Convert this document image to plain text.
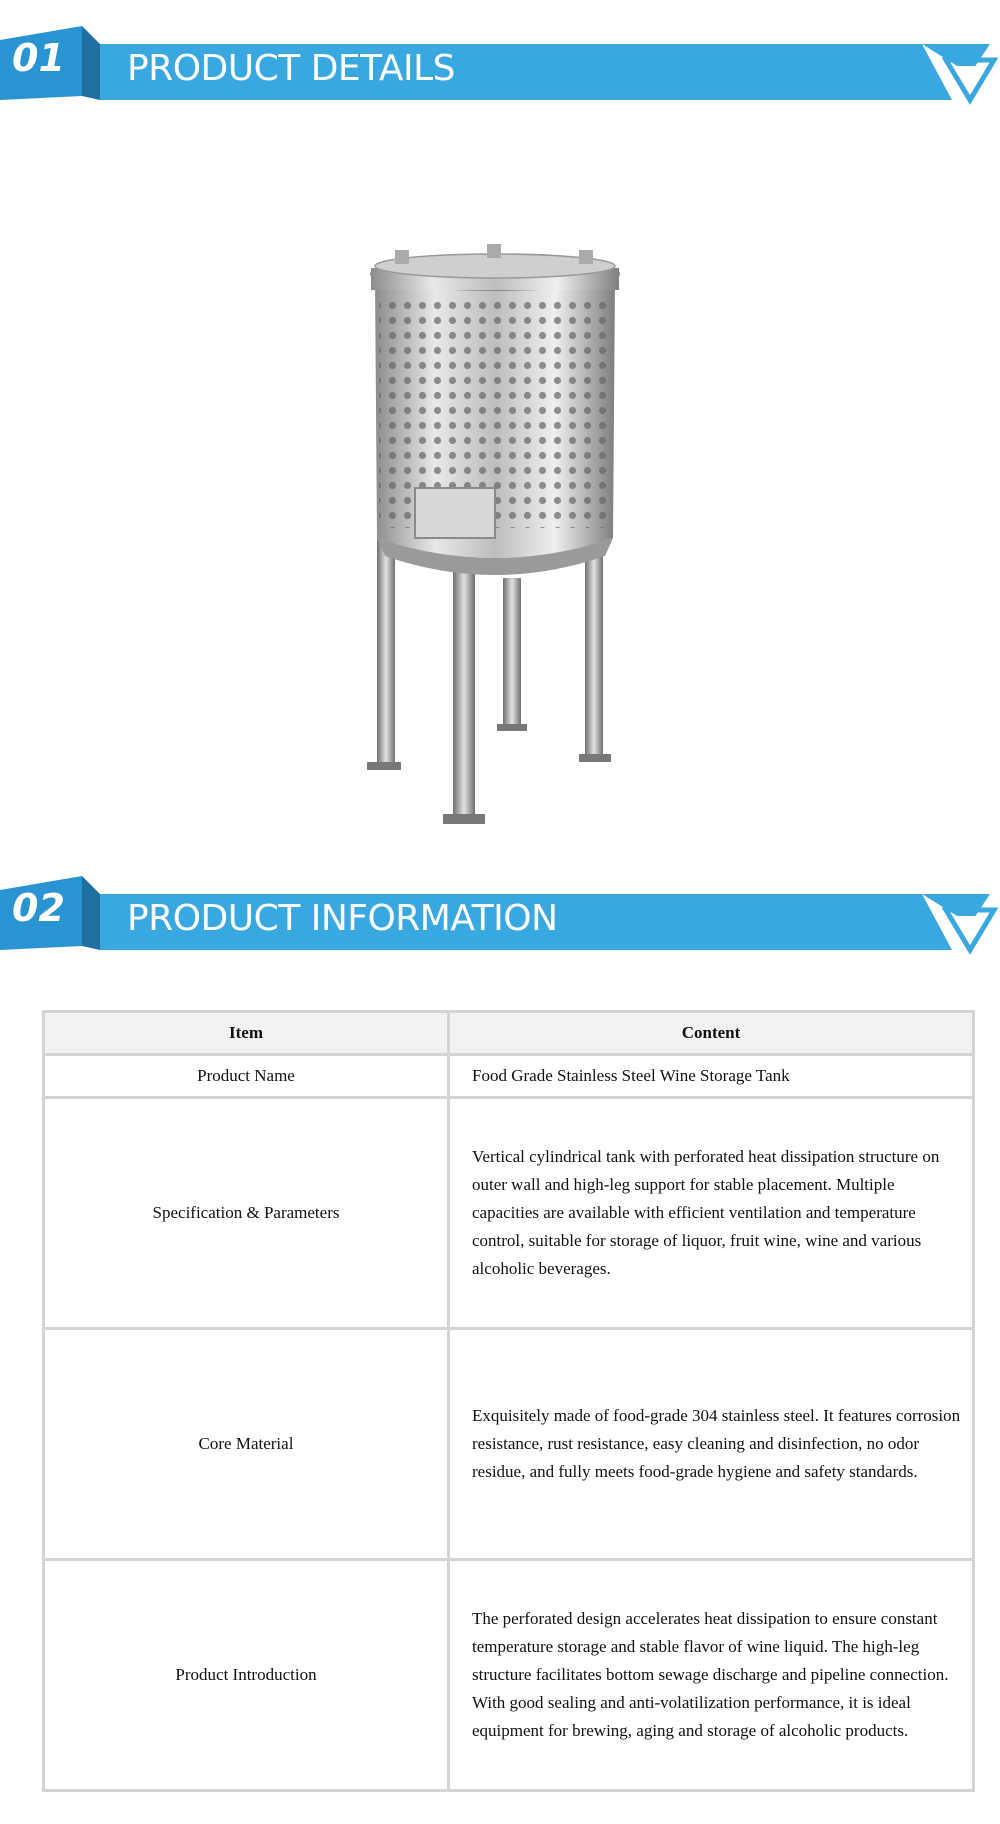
01	PRODUCT DETAILS
02	PRODUCT INFORMATION
Item	Content
Product Name	Food Grade Stainless Steel Wine Storage Tank
Specification & Parameters	Vertical cylindrical tank with perforated heat dissipation structure on outer wall and high-leg support for stable placement. Multiple capacities are available with efficient ventilation and temperature control, suitable for storage of liquor, fruit wine, wine and various alcoholic beverages.
Core Material	Exquisitely made of food-grade 304 stainless steel. It features corrosion resistance, rust resistance, easy cleaning and disinfection, no odor residue, and fully meets food-grade hygiene and safety standards.
Product Introduction	The perforated design accelerates heat dissipation to ensure constant temperature storage and stable flavor of wine liquid. The high-leg structure facilitates bottom sewage discharge and pipeline connection. With good sealing and anti-volatilization performance, it is ideal equipment for brewing, aging and storage of alcoholic products.
